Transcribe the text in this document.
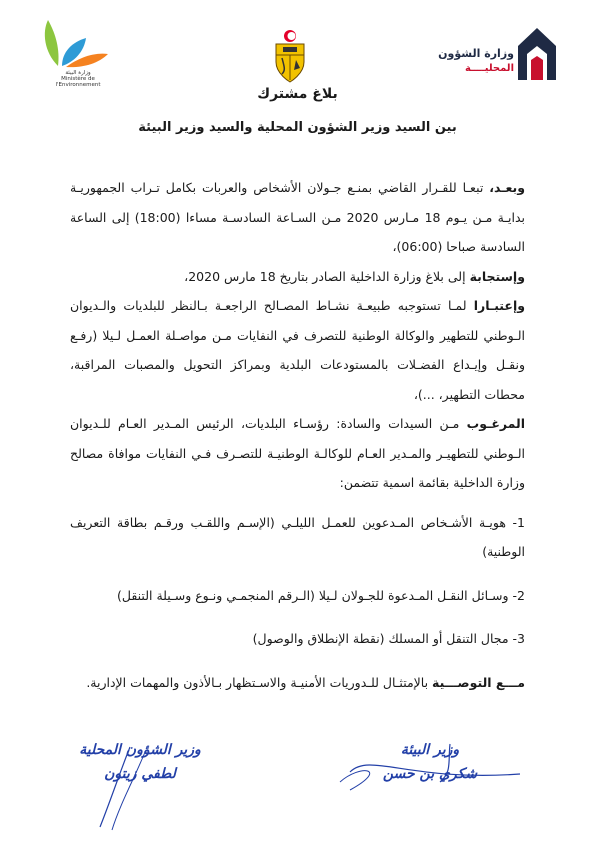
وزارة البيئة
Ministère de l'Environnement
وزارة الشؤون
المحليــــة
بلاغ مشترك
بين السيد وزير الشؤون المحلية والسيد وزير البيئة

وبعـد، تبعـا للقـرار القاضي بمنـع جـولان الأشخاص والعربات بكامل تـراب الجمهوريـة بدايـة مـن يـوم 18 مـارس 2020 مـن السـاعة السادسـة مساءا (18:00) إلى الساعة السادسة صباحا (06:00)،

وإستجابة إلى بلاغ وزارة الداخلية الصادر بتاريخ 18 مارس 2020،

وإعتبـارا لمـا تستوجبه طبيعـة نشـاط المصـالح الراجعـة بـالنظر للبلديات والـديوان الـوطني للتطهير والوكالة الوطنية للتصرف في النفايات مـن مواصـلة العمـل لـيلا (رفـع ونقـل وإيـداع الفضـلات بالمستودعات البلدية وبمراكز التحويل والمصبات المراقبة، محطات التطهير، ...)،

المرغـوب مـن السيدات والسادة: رؤسـاء البلديات، الرئيس المـدير العـام للـديوان الـوطني للتطهيـر والمـدير العـام للوكالـة الوطنيـة للتصـرف فـي النفايات موافاة مصالح وزارة الداخلية بقائمة اسمية تتضمن:

1- هويـة الأشـخاص المـدعوين للعمـل الليلـي (الإسـم واللقـب ورقـم بطاقة التعريف الوطنية)

2- وسـائل النقـل المـدعوة للجـولان لـيلا (الـرقم المنجمـي ونـوع وسـيلة التنقل)

3- مجال التنقل أو المسلك (نقطة الإنطلاق والوصول)

مـــع التوصـــية بالإمتثـال للـدوريات الأمنيـة والاسـتظهار بـالأذون والمهمات الإدارية.

وزير الشؤون المحلية
لطفي زيتون
وزير البيئة
شكري بن حسن
